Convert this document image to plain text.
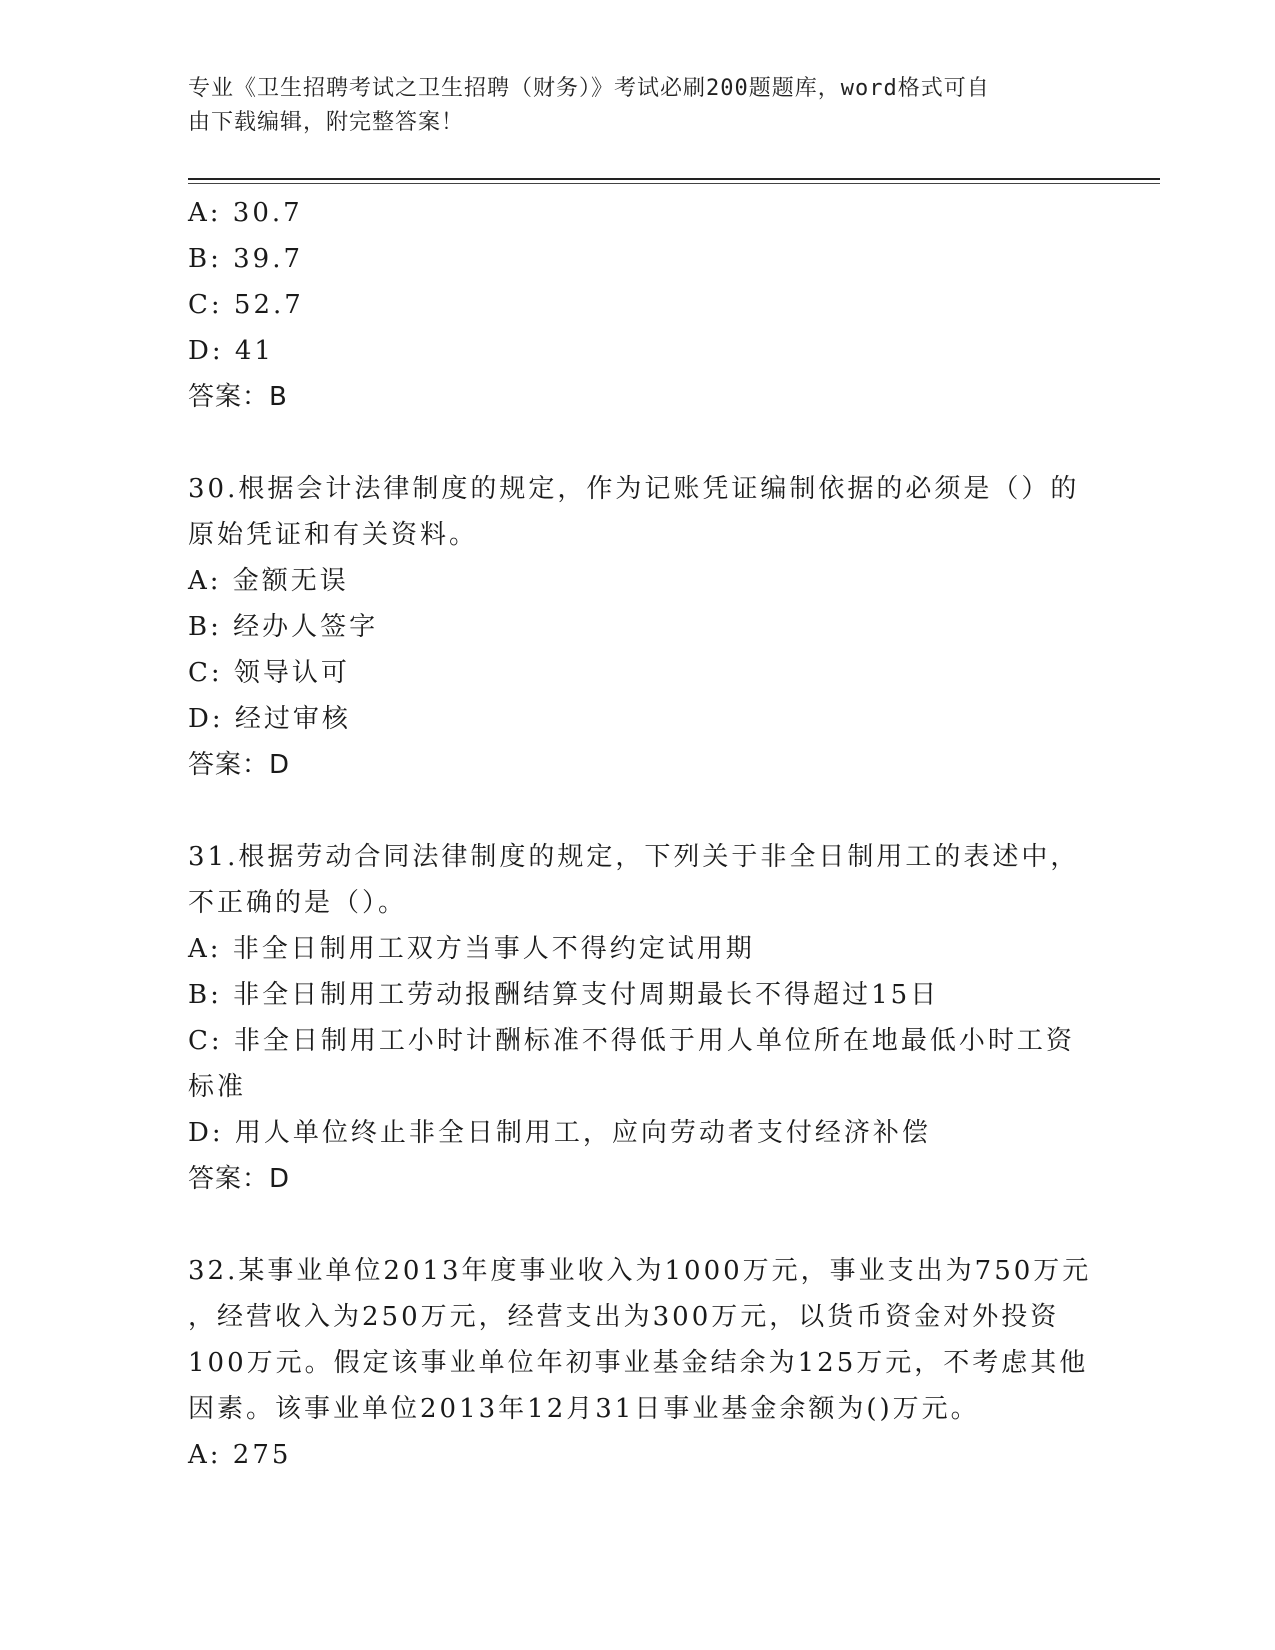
专业《卫生招聘考试之卫生招聘（财务）》考试必刷200题题库，word格式可自
由下载编辑，附完整答案！
A: 30.7
B: 39.7
C: 52.7
D: 41
答案：B
30.根据会计法律制度的规定，作为记账凭证编制依据的必须是（）的
原始凭证和有关资料。
A: 金额无误
B: 经办人签字
C: 领导认可
D: 经过审核
答案：D
31.根据劳动合同法律制度的规定，下列关于非全日制用工的表述中，
不正确的是（）。
A: 非全日制用工双方当事人不得约定试用期
B: 非全日制用工劳动报酬结算支付周期最长不得超过15日
C: 非全日制用工小时计酬标准不得低于用人单位所在地最低小时工资
标准
D: 用人单位终止非全日制用工，应向劳动者支付经济补偿
答案：D
32.某事业单位2013年度事业收入为1000万元，事业支出为750万元
，经营收入为250万元，经营支出为300万元，以货币资金对外投资
100万元。假定该事业单位年初事业基金结余为125万元，不考虑其他
因素。该事业单位2013年12月31日事业基金余额为()万元。
A: 275
